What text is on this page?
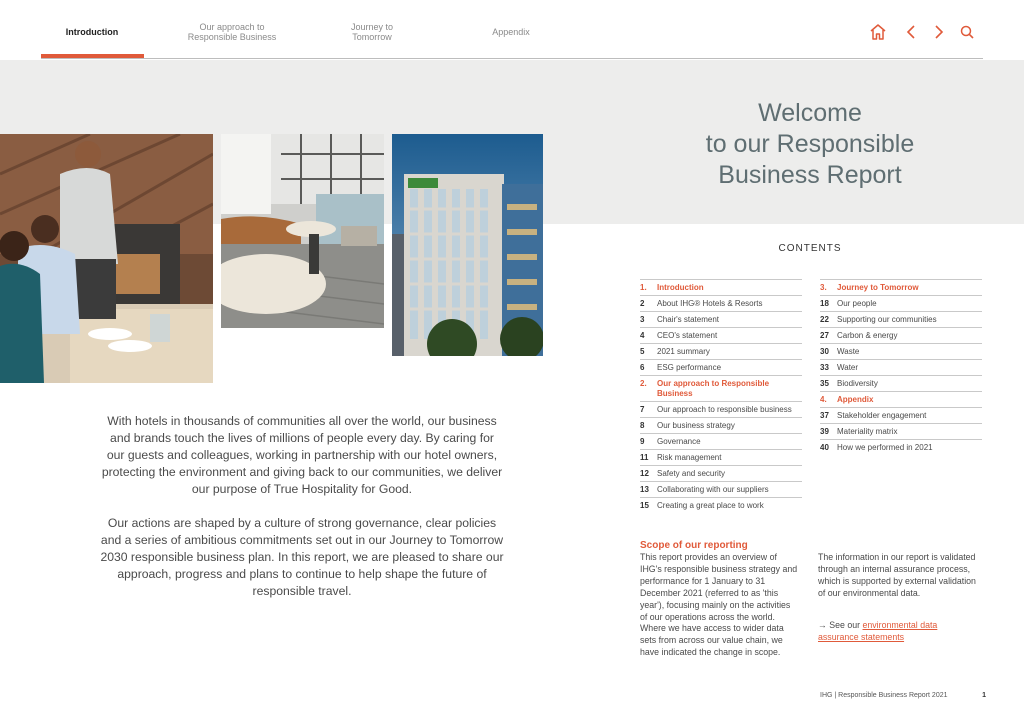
Introduction	Our approach to
Responsible Business
Journey to
Tomorrow	Appendix
Welcome
to our Responsible
Business Report

With hotels in thousands of communities all over the world, our business and brands touch the lives of millions of people every day. By caring for our guests and colleagues, working in partnership with our hotel owners, protecting the environment and giving back to our communities, we deliver our purpose of True Hospitality for Good.

Our actions are shaped by a culture of strong governance, clear policies and a series of ambitious commitments set out in our Journey to Tomorrow 2030 responsible business plan. In this report, we are pleased to share our approach, progress and plans to continue to help shape the future of responsible travel.

CONTENTS
1.	Introduction
2	About IHG® Hotels & Resorts
3	Chair's statement
4	CEO's statement
5	2021 summary
6	ESG performance
2.	Our approach to Responsible Business
7	Our approach to responsible business
8	Our business strategy
9	Governance
11	Risk management
12	Safety and security
13	Collaborating with our suppliers
15	Creating a great place to work
3.	Journey to Tomorrow
18	Our people
22	Supporting our communities
27	Carbon & energy
30	Waste
33	Water
35	Biodiversity
4.	Appendix
37	Stakeholder engagement
39	Materiality matrix
40	How we performed in 2021
Scope of our reporting

This report provides an overview of IHG's responsible business strategy and performance for 1 January to 31 December 2021 (referred to as 'this year'), focusing mainly on the activities of our operations across the world. Where we have access to wider data sets from across our value chain, we have indicated the change in scope.

The information in our report is validated through an internal assurance process, which is supported by external validation of our environmental data.

→ See our environmental data assurance statements

IHG | Responsible Business Report 2021	1
